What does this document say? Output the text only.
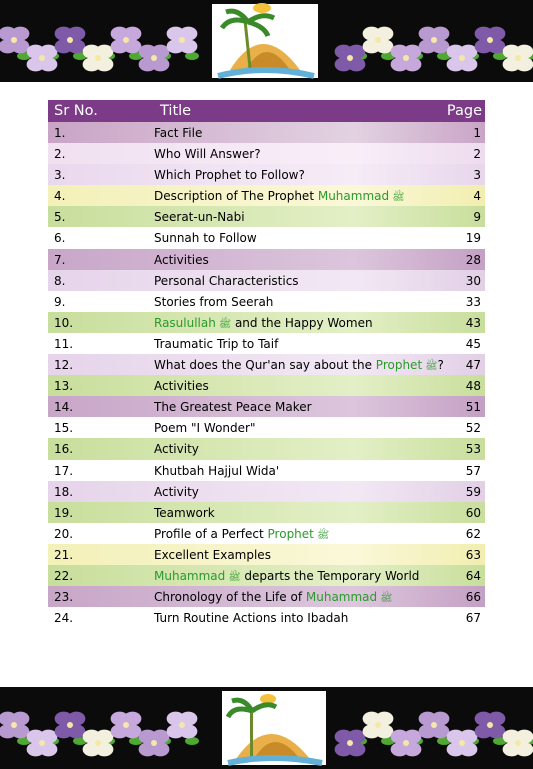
Sr No.	Title	Page
1.	Fact File	1
2.	Who Will Answer?	2
3.	Which Prophet to Follow?	3
4.	Description of The Prophet Muhammad ﷺ	4
5.	Seerat-un-Nabi	9
6.	Sunnah to Follow	19
7.	Activities	28
8.	Personal Characteristics	30
9.	Stories from Seerah	33
10.	Rasulullah ﷺ and the Happy Women	43
11.	Traumatic Trip to Taif	45
12.	What does the Qur'an say about the Prophet ﷺ? 47
13.	Activities	48
14.	The Greatest Peace Maker	51
15.	Poem "I Wonder"	52
16.	Activity	53
17.	Khutbah Hajjul Wida'	57
18.	Activity	59
19.	Teamwork	60
20.	Profile of a Perfect Prophet ﷺ	62
21.	Excellent Examples	63
22.	Muhammad ﷺ departs the Temporary World	64
23.	Chronology of the Life of Muhammad ﷺ	66
24.	Turn Routine Actions into Ibadah	67
